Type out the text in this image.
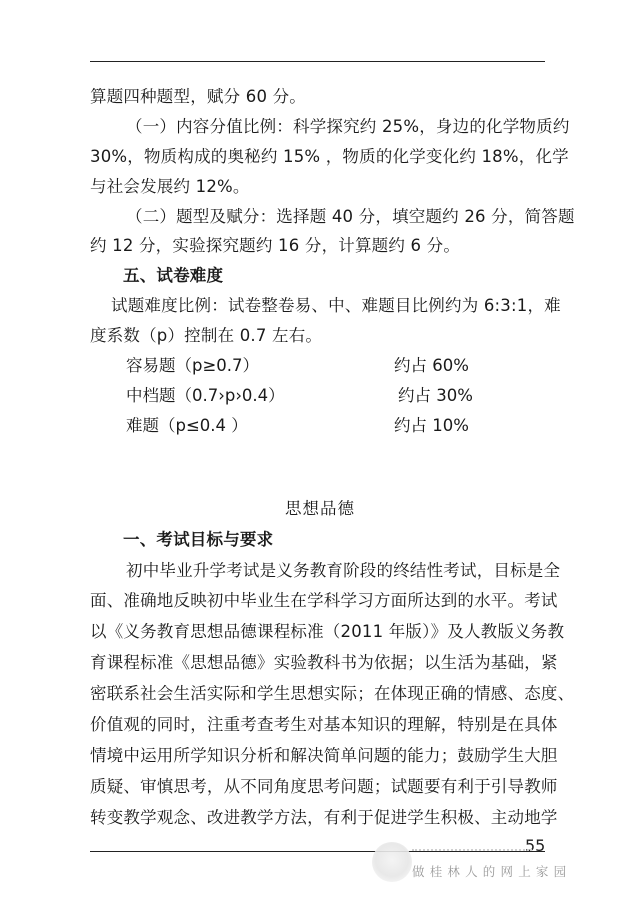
算题四种题型，赋分 60 分。
（一）内容分值比例：科学探究约 25%，身边的化学物质约
30%，物质构成的奥秘约 15% ，物质的化学变化约 18%，化学
与社会发展约 12%。
（二）题型及赋分：选择题 40 分，填空题约 26 分，简答题
约 12 分，实验探究题约 16 分，计算题约 6 分。
五、试卷难度
试题难度比例：试卷整卷易、中、难题目比例约为 6:3:1，难
度系数（p）控制在 0.7 左右。
容易题（p≥0.7）	约占 60%
中档题（0.7›p›0.4）	约占 30%
难题（p≤0.4 ）	约占 10%
思想品德
一、考试目标与要求
初中毕业升学考试是义务教育阶段的终结性考试，目标是全
面、准确地反映初中毕业生在学科学习方面所达到的水平。考试
以《义务教育思想品德课程标准（2011 年版）》及人教版义务教
育课程标准《思想品德》实验教科书为依据；以生活为基础，紧
密联系社会生活实际和学生思想实际；在体现正确的情感、态度、
价值观的同时，注重考查考生对基本知识的理解，特别是在具体
情境中运用所学知识分析和解决简单问题的能力；鼓励学生大胆
质疑、审慎思考，从不同角度思考问题；试题要有利于引导教师
转变教学观念、改进教学方法，有利于促进学生积极、主动地学
55
做桂林人的网上家园
